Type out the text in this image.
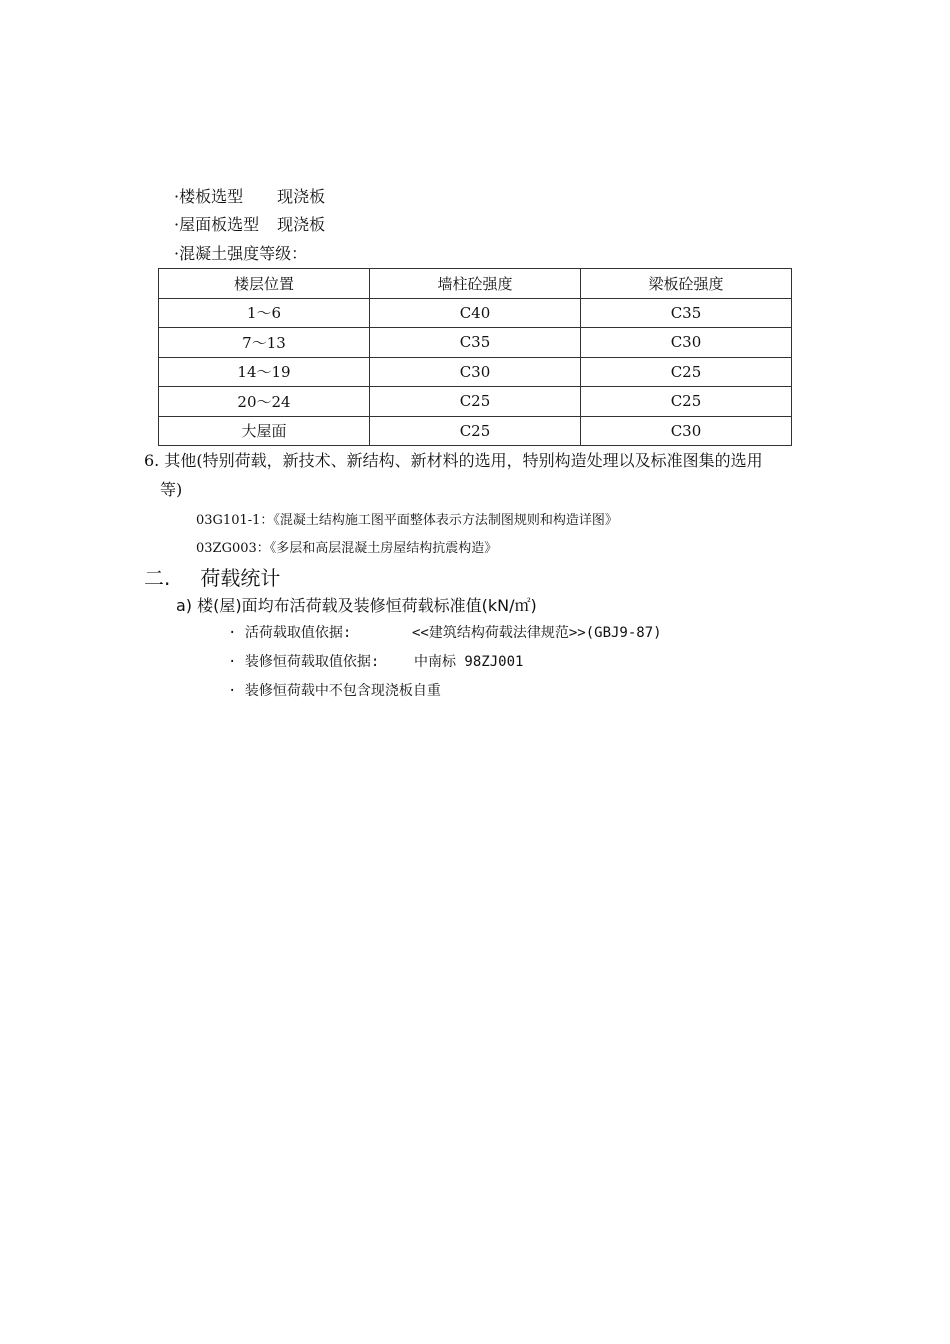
·楼板选型 现浇板
·屋面板选型 现浇板
·混凝土强度等级：
楼层位置	墙柱砼强度	梁板砼强度
1～6	C40	C35
7～13	C35	C30
14～19	C30	C25
20～24	C25	C25
大屋面	C25	C30
6. 其他(特别荷载，新技术、新结构、新材料的选用，特别构造处理以及标准图集的选用
等)
03G101-1：《混凝土结构施工图平面整体表示方法制图规则和构造详图》
03ZG003：《多层和高层混凝土房屋结构抗震构造》
二. 荷载统计
a) 楼(屋)面均布活荷载及装修恒荷载标准值(kN/㎡)
· 活荷载取值依据:	<<建筑结构荷载法律规范>>(GBJ9-87)
· 装修恒荷载取值依据: 中南标 98ZJ001
· 装修恒荷载中不包含现浇板自重
